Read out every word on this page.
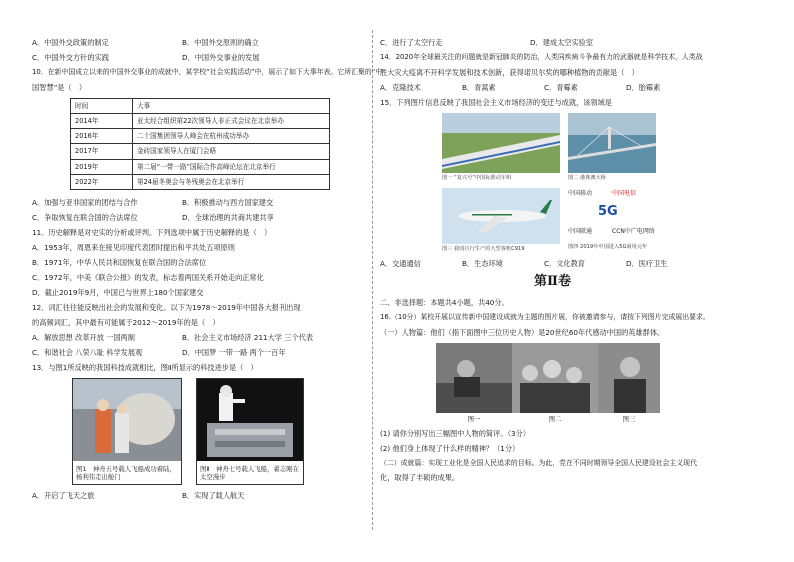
A．中国外交政策的制定	B．中国外交原则的确立
C．中国外交方针的实践	D．中国外交事业的发展
10．在新中国成立以来的中国外交事业的成就中，某学校“社会实践活动”中，展示了如下大事年表。它所汇聚的“中
国智慧”是（　）
时间	大事
2014年	亚太经合组织第22次领导人非正式会议在北京举办
2016年	二十国集团领导人峰会在杭州成功举办
2017年	金砖国家领导人在厦门会晤
2019年	第二届“一带一路”国际合作高峰论坛在北京举行
2022年	第24届冬奥会与冬残奥会在北京举行
A．加强与亚非国家的团结与合作	B．积极推动与西方国家建交
C．争取恢复在联合国的合法席位	D．全球治理的共商共建共享
11．历史解释是对史实的分析或评判。下列选项中属于历史解释的是（　）
A．1953年，周恩来在接见印度代表团时提出和平共处五项原则
B．1971年，中华人民共和国恢复在联合国的合法席位
C．1972年，中美《联合公报》的发表，标志着两国关系开始走向正常化
D．截止2019年9月，中国已与世界上180个国家建交
12．词汇往往能反映出社会的发展和变化。以下为1978～2019年中国各大报刊出现
的高频词汇，其中最有可能属于2012～2019年的是（　）
A．解放思想 改革开放 一国两制	B．社会主义市场经济 211大学 三个代表
C．和谐社会 八荣八耻 科学发展观	D．中国梦 一带一路 两个一百年
13．与图1所反映的我国科技成就相比，图Ⅱ所显示的科技进步是（　）
图1　神舟五号载人飞船成功着陆，杨利伟走出舱门
图Ⅱ　神舟七号载人飞船，翟志刚在太空漫步
A．开启了飞天之旅	B．实现了载人航天
C．进行了太空行走	D．建成太空实验室
14．2020年全球最关注的问题就是新冠肺炎的防治，人类同疾病斗争最有力的武器就是科学技术，人类战
胜大灾大疫离不开科学发展和技术创新，获得诺贝尔奖的哪种植物的贡献是（　）
A．克隆技术	B．青蒿素	C．青霉素	D．胎霉素
15．下列图片信息反映了我国社会主义市场经济的变迁与成就，该领域是
图一 “复兴号”中国标准动车组	图二 港珠澳大桥
图三 我国自行生产的大型客机C919
中国移动	中国电信
5G
中国联通	CCN中广电网络
图四 2019年中国进入5G商用元年
A．交通通信	B．生态环境	C．文化教育	D．医疗卫生
第Ⅱ卷
二、非选择题：本题共4小题，共40分。
16.（10分）某校开展以宣传新中国建设成就为主题的图片展，你被邀请参与，请按下列图片完成展出要求。
（一）人物篇：他们（指下面图中三位历史人物）是20世纪60年代感动中国的英雄群体。
图一	图二	图三
(1) 请你分别写出三幅图中人物的简评。（3分）
(2) 他们身上体现了什么样的精神？（1分）
（二）成就篇：实现工业化是全国人民追求的目标。为此，党在不同时期领导全国人民建设社会主义现代
化，取得了丰硕的成果。
